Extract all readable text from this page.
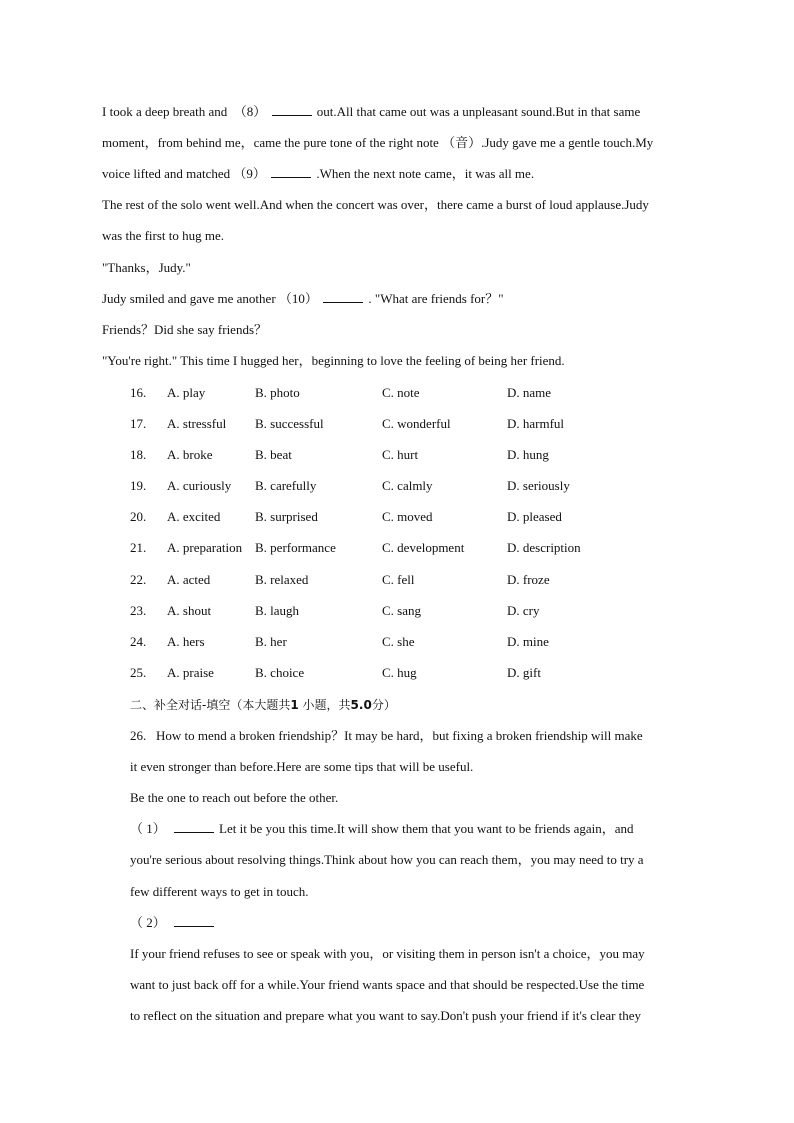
I took a deep breath and  （8）	out.All that came out was a unpleasant sound.But in that same
moment，from behind me，came the pure tone of the right note （音）.Judy gave me a gentle touch.My
voice lifted and matched （9）	.When the next note came，it was all me.
The rest of the solo went well.And when the concert was over，there came a burst of loud applause.Judy
was the first to hug me.
"Thanks，Judy."
Judy smiled and gave me another （10）	. "What are friends for？"
Friends？Did she say friends？
"You're right." This time I hugged her，beginning to love the feeling of being her friend.
16. A. play	B. photo	C. note	D. name
17. A. stressful B. successful	C. wonderful	D. harmful
18. A. broke	B. beat	C. hurt	D. hung
19. A. curiously B. carefully	C. calmly	D. seriously
20. A. excited	B. surprised	C. moved	D. pleased
21. A. preparation B. performance	C. development	D. description
22. A. acted	B. relaxed	C. fell	D. froze
23. A. shout	B. laugh	C. sang	D. cry
24. A. hers	B. her	C. she	D. mine
25. A. praise	B. choice	C. hug	D. gift
二、补全对话-填空（本大题共1 小题，共5.0分）
26.   How to mend a broken friendship？It may be hard，but fixing a broken friendship will make
it even stronger than before.Here are some tips that will be useful.
Be the one to reach out before the other.
（ 1）	Let it be you this time.It will show them that you want to be friends again，and
you're serious about resolving things.Think about how you can reach them，you may need to try a
few different ways to get in touch.
（ 2）
If your friend refuses to see or speak with you，or visiting them in person isn't a choice，you may
want to just back off for a while.Your friend wants space and that should be respected.Use the time
to reflect on the situation and prepare what you want to say.Don't push your friend if it's clear they
